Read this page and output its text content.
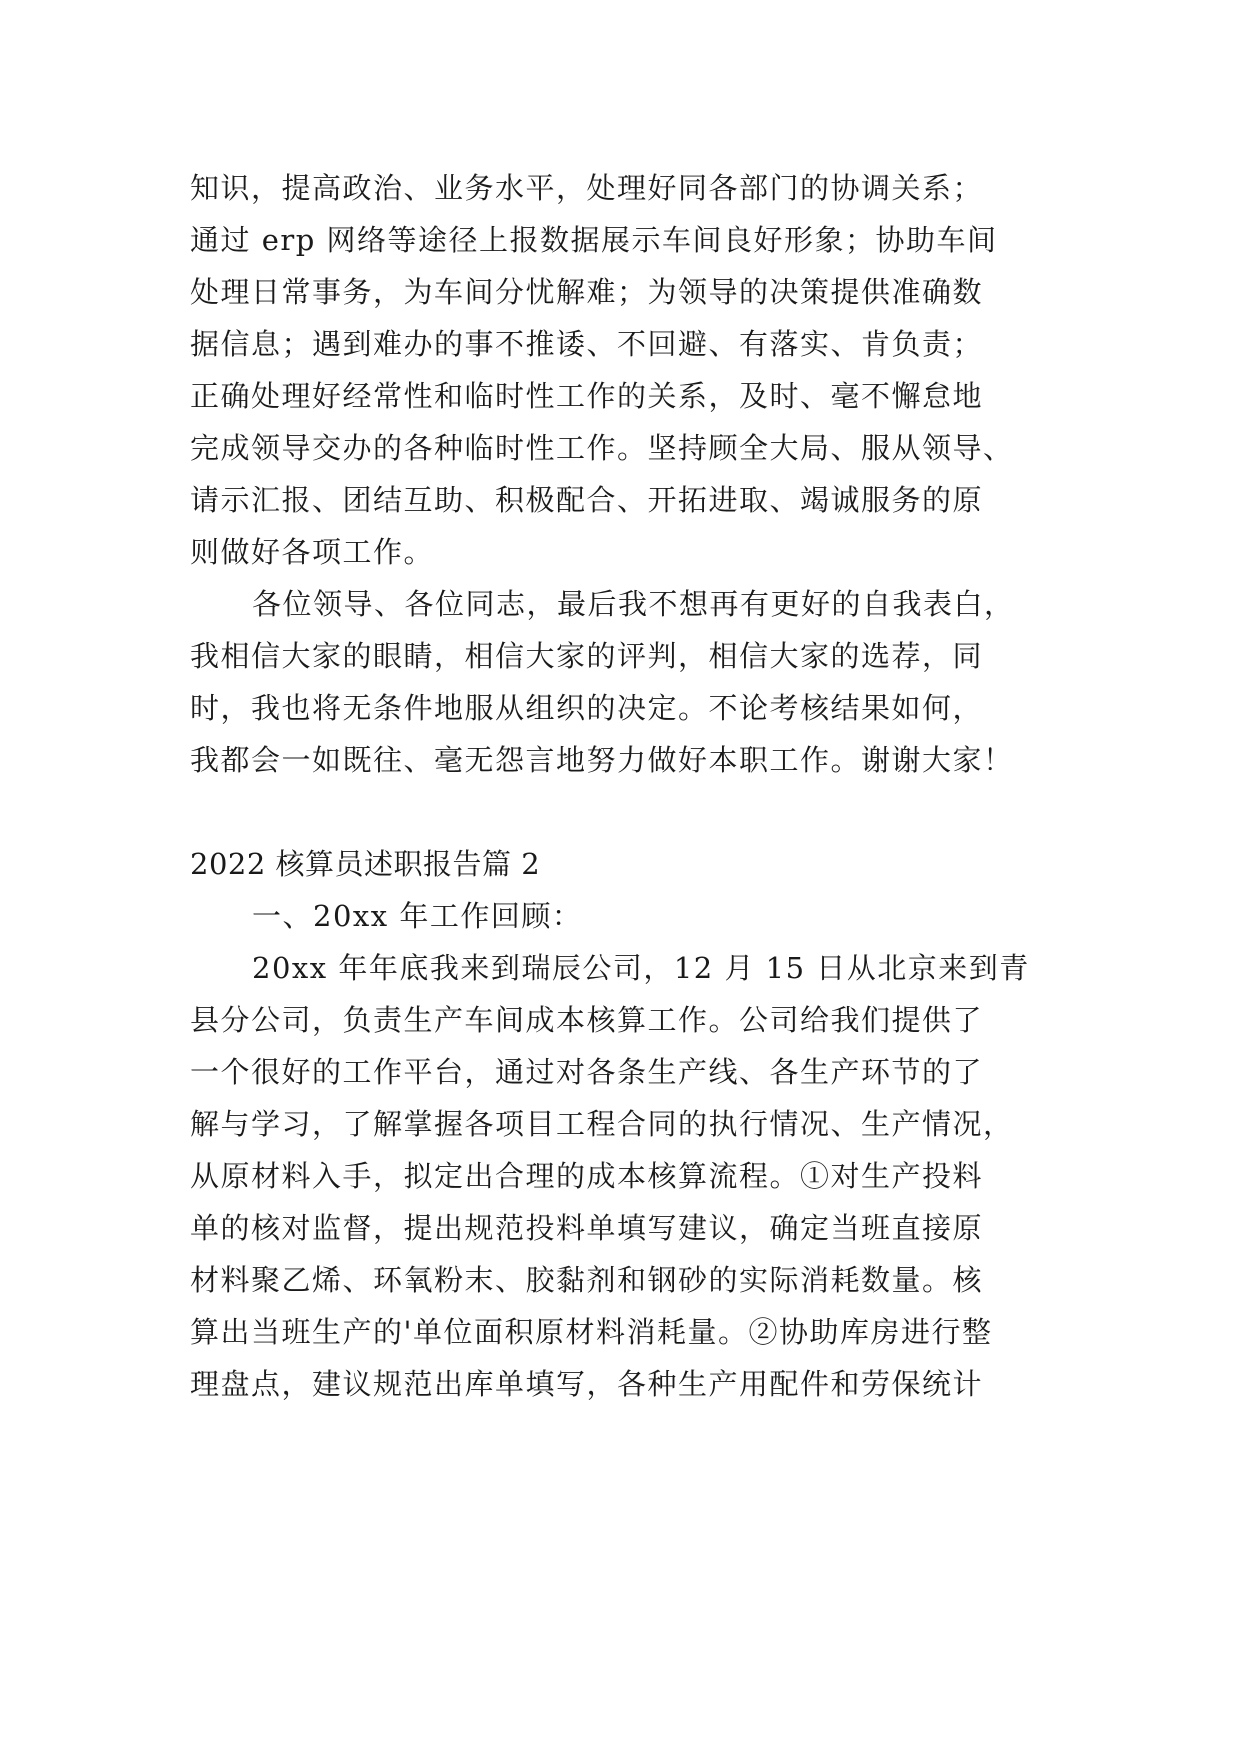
知识，提高政治、业务水平，处理好同各部门的协调关系；
通过 erp 网络等途径上报数据展示车间良好形象；协助车间
处理日常事务，为车间分忧解难；为领导的决策提供准确数
据信息；遇到难办的事不推诿、不回避、有落实、肯负责；
正确处理好经常性和临时性工作的关系，及时、毫不懈怠地
完成领导交办的各种临时性工作。坚持顾全大局、服从领导、
请示汇报、团结互助、积极配合、开拓进取、竭诚服务的原
则做好各项工作。
各位领导、各位同志，最后我不想再有更好的自我表白，
我相信大家的眼睛，相信大家的评判，相信大家的选荐，同
时，我也将无条件地服从组织的决定。不论考核结果如何，
我都会一如既往、毫无怨言地努力做好本职工作。谢谢大家！
2022 核算员述职报告篇 2
一、20xx 年工作回顾：
20xx 年年底我来到瑞辰公司，12 月 15 日从北京来到青
县分公司，负责生产车间成本核算工作。公司给我们提供了
一个很好的工作平台，通过对各条生产线、各生产环节的了
解与学习，了解掌握各项目工程合同的执行情况、生产情况，
从原材料入手，拟定出合理的成本核算流程。①对生产投料
单的核对监督，提出规范投料单填写建议，确定当班直接原
材料聚乙烯、环氧粉末、胶黏剂和钢砂的实际消耗数量。核
算出当班生产的'单位面积原材料消耗量。②协助库房进行整
理盘点，建议规范出库单填写，各种生产用配件和劳保统计
